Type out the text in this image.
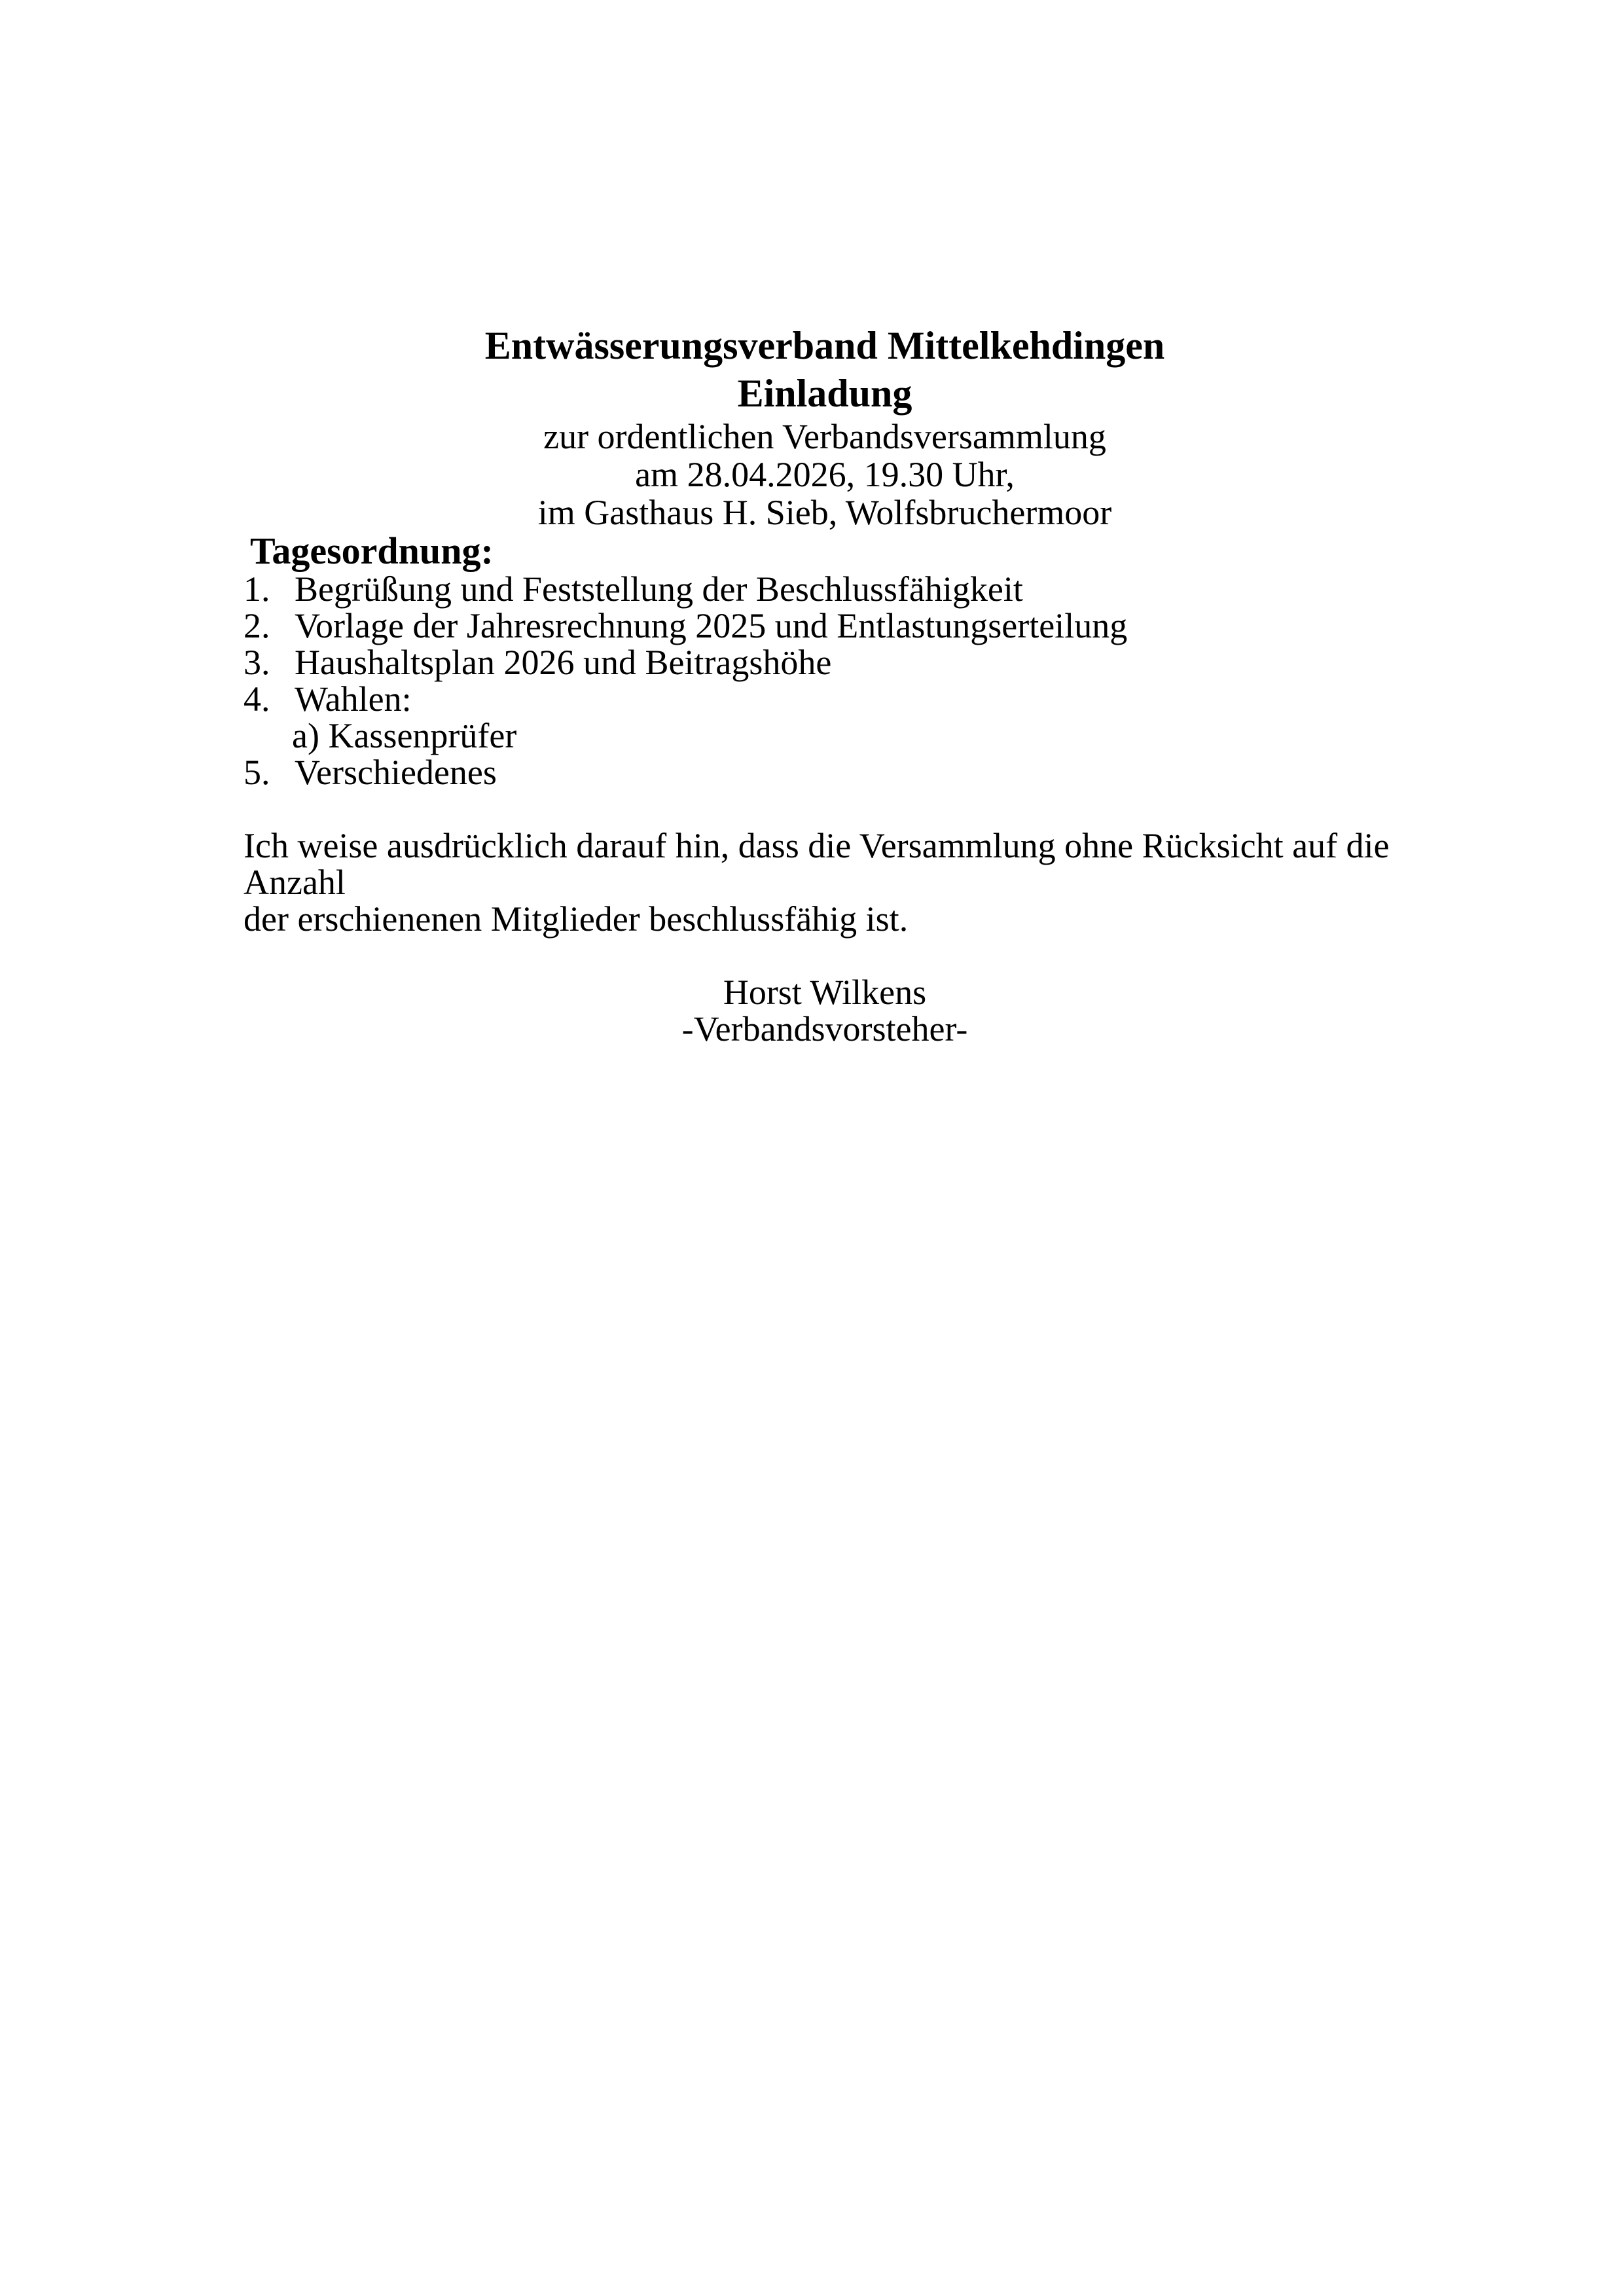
Entwässerungsverband Mittelkehdingen
Einladung
zur ordentlichen Verbandsversammlung
am 28.04.2026, 19.30 Uhr,
im Gasthaus H. Sieb, Wolfsbruchermoor
Tagesordnung:
1. Begrüßung und Feststellung der Beschlussfähigkeit
2. Vorlage der Jahresrechnung 2025 und Entlastungserteilung
3. Haushaltsplan 2026 und Beitragshöhe
4. Wahlen:
a) Kassenprüfer
5. Verschiedenes
Ich weise ausdrücklich darauf hin, dass die Versammlung ohne Rücksicht auf die Anzahl
der erschienenen Mitglieder beschlussfähig ist.
Horst Wilkens
-Verbandsvorsteher-
